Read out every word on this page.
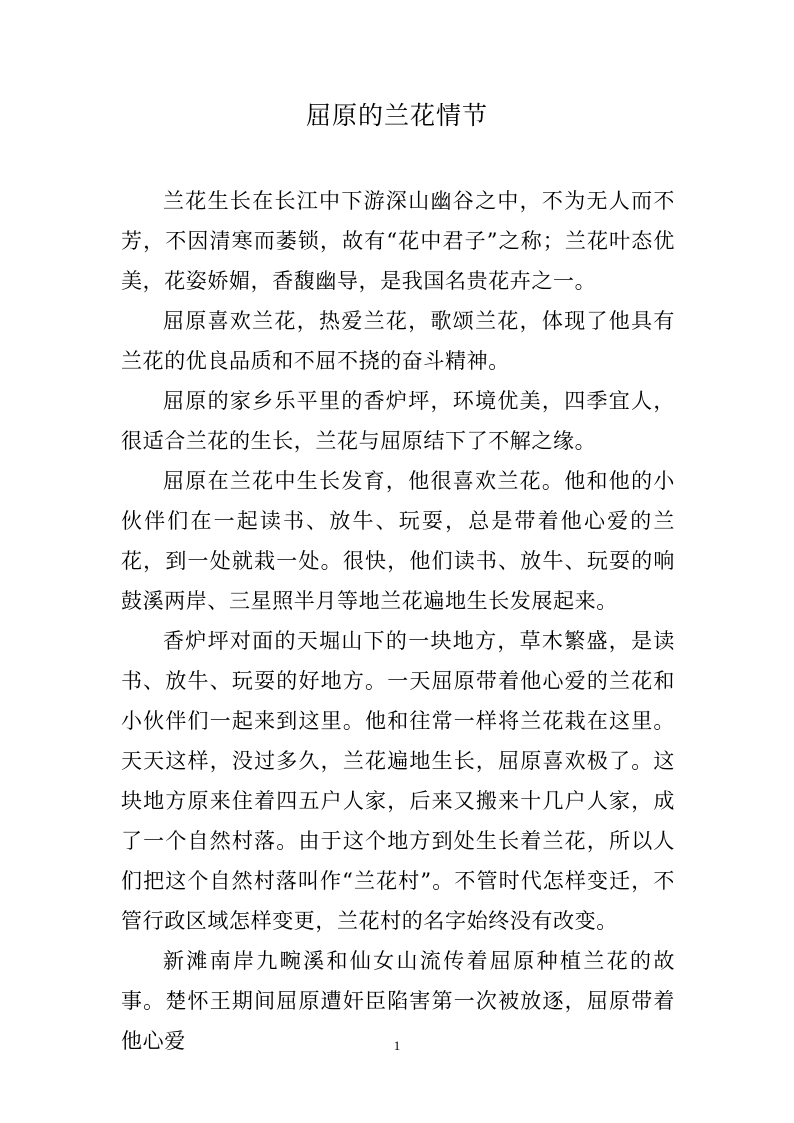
屈原的兰花情节

兰花生长在长江中下游深山幽谷之中，不为无人而不芳，不因清寒而萎锁，故有“花中君子”之称；兰花叶态优美，花姿娇媚，香馥幽导，是我国名贵花卉之一。

屈原喜欢兰花，热爱兰花，歌颂兰花，体现了他具有兰花的优良品质和不屈不挠的奋斗精神。

屈原的家乡乐平里的香炉坪，环境优美，四季宜人，很适合兰花的生长，兰花与屈原结下了不解之缘。

屈原在兰花中生长发育，他很喜欢兰花。他和他的小伙伴们在一起读书、放牛、玩耍，总是带着他心爱的兰花，到一处就栽一处。很快，他们读书、放牛、玩耍的响鼓溪两岸、三星照半月等地兰花遍地生长发展起来。

香炉坪对面的天堀山下的一块地方，草木繁盛，是读书、放牛、玩耍的好地方。一天屈原带着他心爱的兰花和小伙伴们一起来到这里。他和往常一样将兰花栽在这里。天天这样，没过多久，兰花遍地生长，屈原喜欢极了。这块地方原来住着四五户人家，后来又搬来十几户人家，成了一个自然村落。由于这个地方到处生长着兰花，所以人们把这个自然村落叫作“兰花村”。不管时代怎样变迁，不管行政区域怎样变更，兰花村的名字始终没有改变。

新滩南岸九畹溪和仙女山流传着屈原种植兰花的故事。楚怀王期间屈原遭奸臣陷害第一次被放逐，屈原带着他心爱	1
